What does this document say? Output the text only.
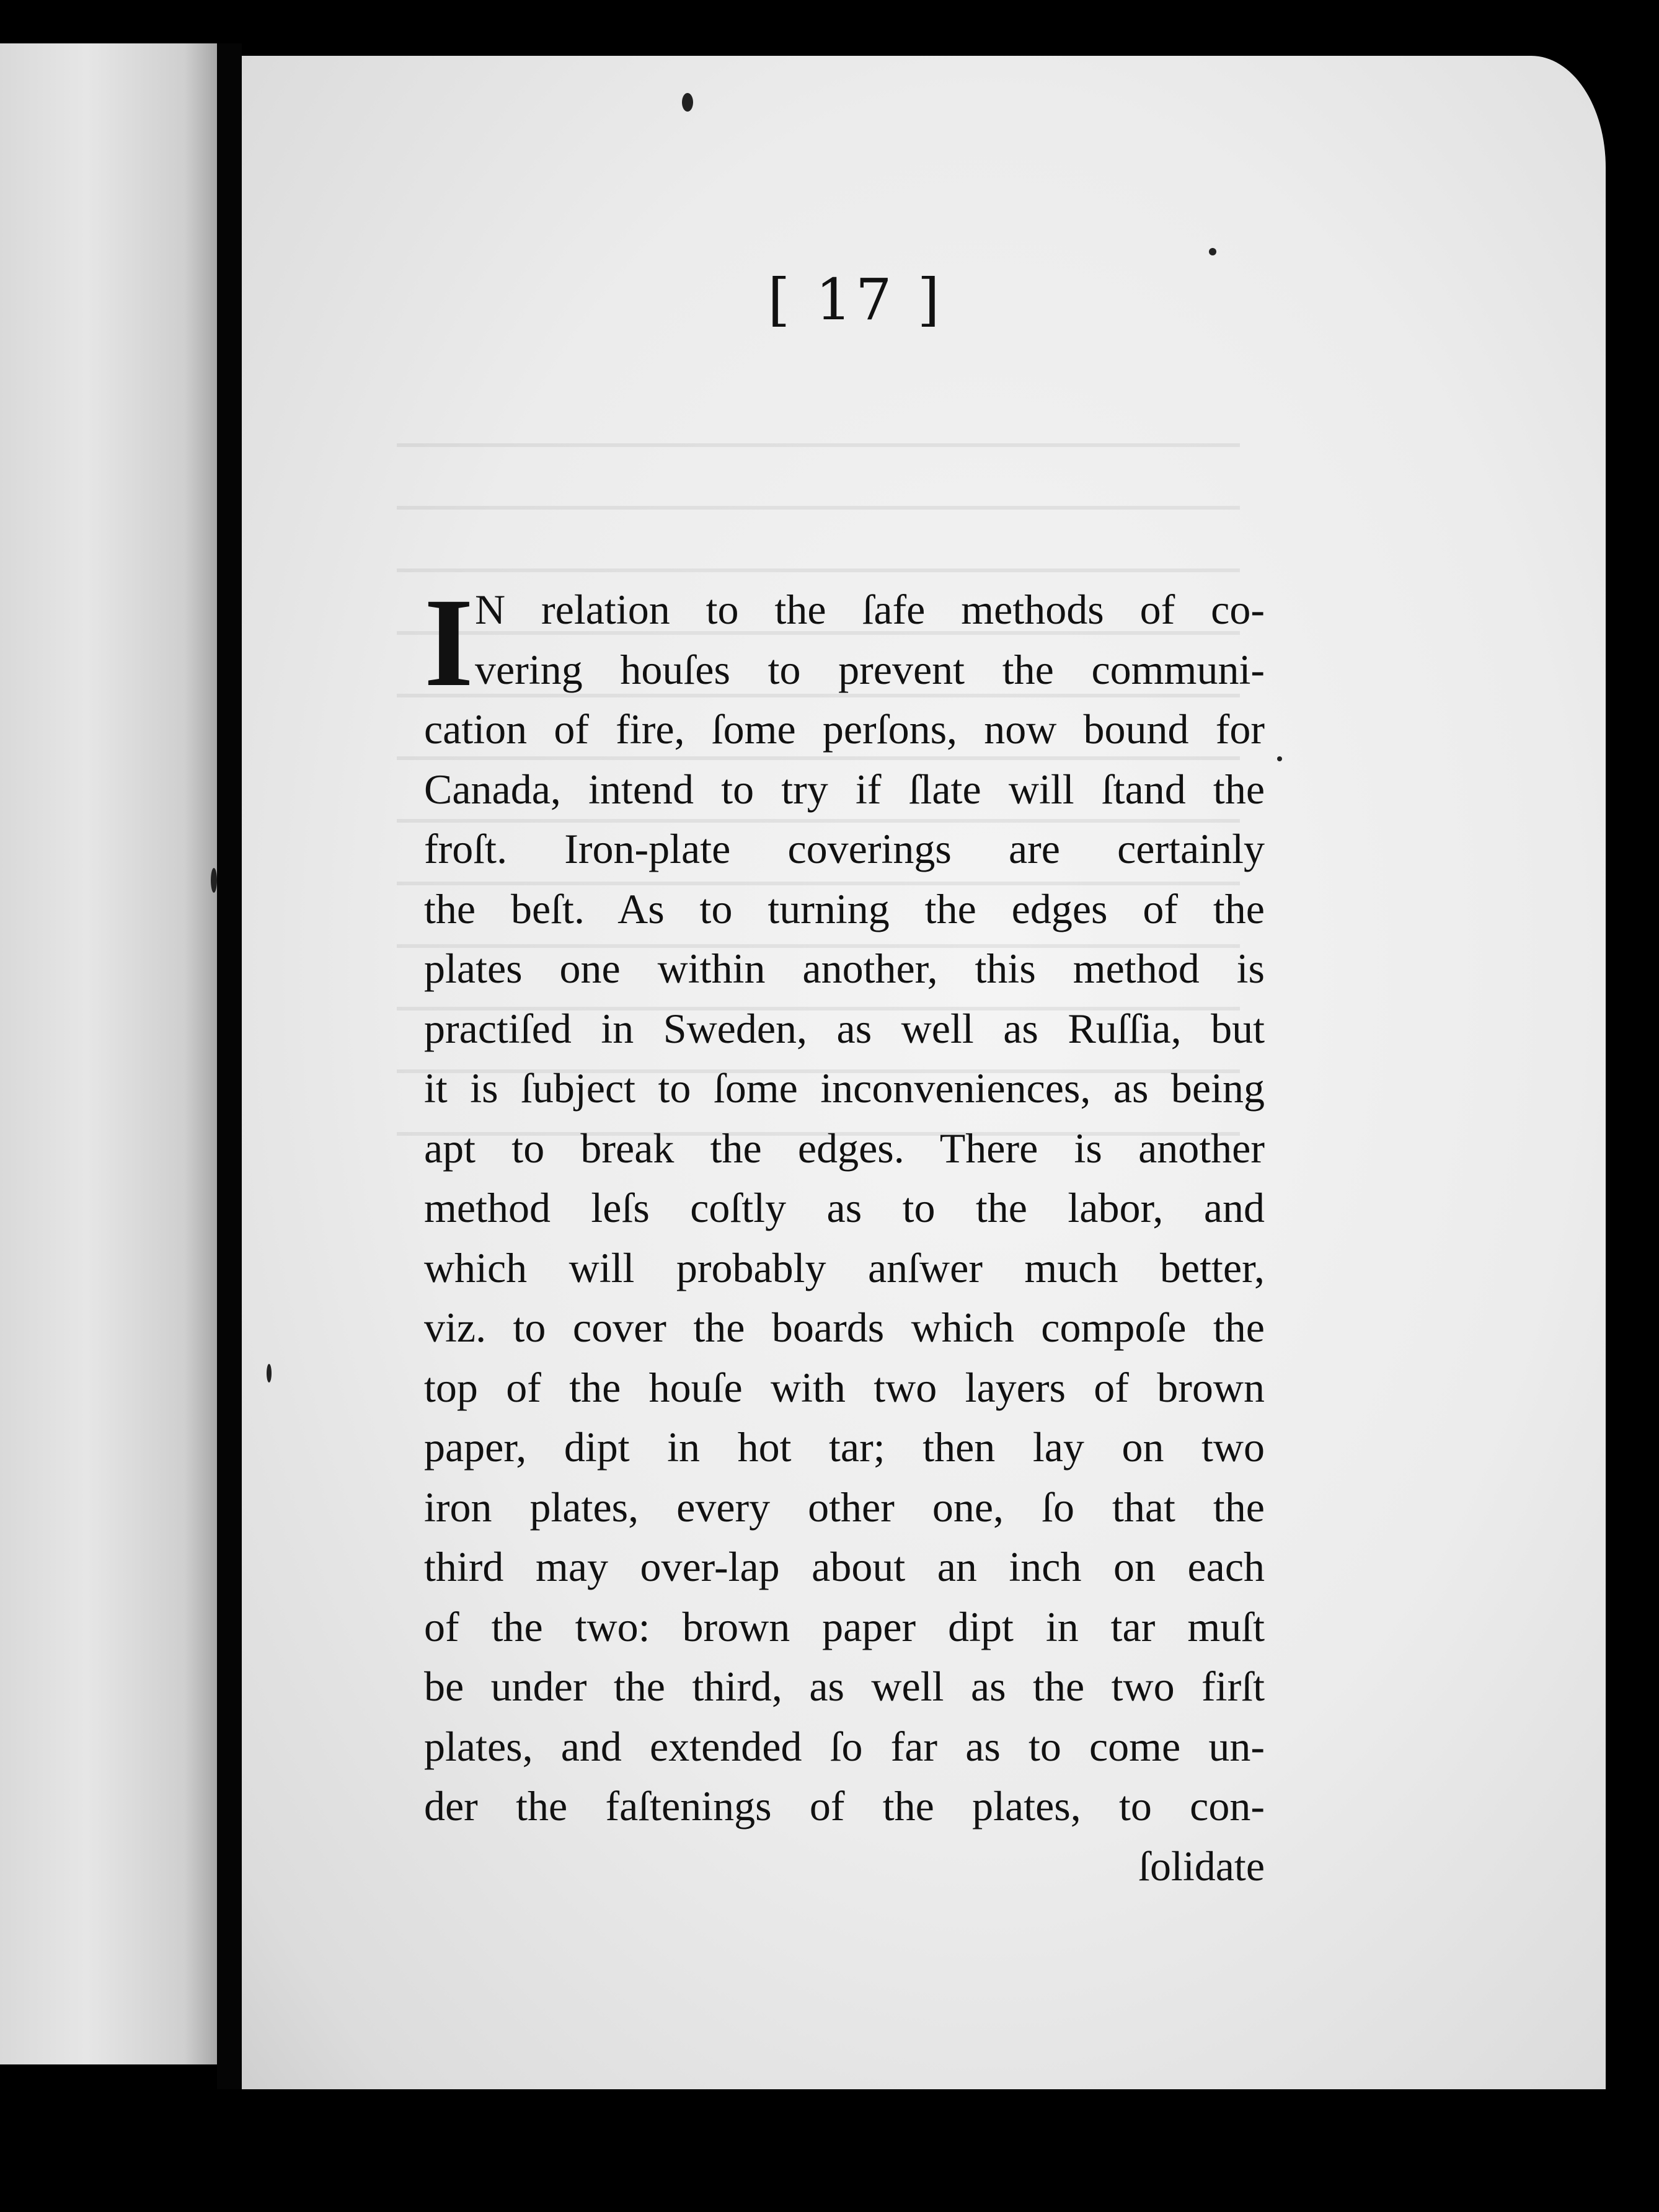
[ 17 ]
I N relation to the ſafe methods of co-
vering houſes to prevent the communi-
cation of fire, ſome perſons, now bound for
Canada, intend to try if ſlate will ſtand the
froſt. Iron-plate coverings are certainly
the beſt. As to turning the edges of the
plates one within another, this method is
practiſed in Sweden, as well as Ruſſia, but
it is ſubject to ſome inconveniences, as being
apt to break the edges. There is another
method leſs coſtly as to the labor, and
which will probably anſwer much better,
viz. to cover the boards which compoſe the
top of the houſe with two layers of brown
paper, dipt in hot tar; then lay on two
iron plates, every other one, ſo that the
third may over-lap about an inch on each
of the two: brown paper dipt in tar muſt
be under the third, as well as the two firſt
plates, and extended ſo far as to come un-
der the faſtenings of the plates, to con-
ſolidate
